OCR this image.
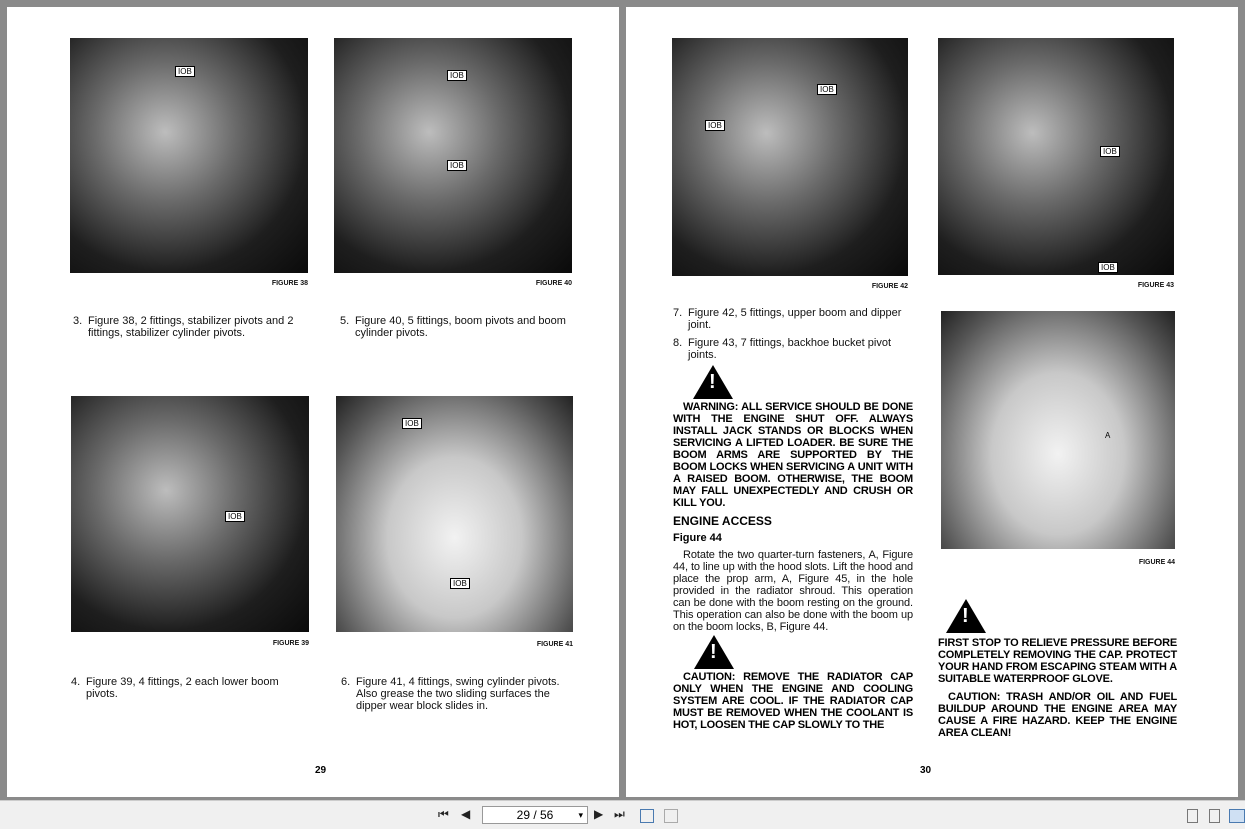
IOB
FIGURE 38
IOB
IOB
FIGURE 40
3. Figure 38, 2 fittings, stabilizer pivots and 2 fittings, stabilizer cylinder pivots.
5. Figure 40, 5 fittings, boom pivots and boom cylinder pivots.
IOB
FIGURE 39
IOB
IOB
FIGURE 41
4. Figure 39, 4 fittings, 2 each lower boom pivots.
6. Figure 41, 4 fittings, swing cylinder pivots. Also grease the two sliding surfaces the dipper wear block slides in.
29
IOB
IOB
FIGURE 42
IOB
IOB
FIGURE 43
7. Figure 42, 5 fittings, upper boom and dipper joint.
8. Figure 43, 7 fittings, backhoe bucket pivot joints.
!
WARNING: ALL SERVICE SHOULD BE DONE WITH THE ENGINE SHUT OFF. ALWAYS INSTALL JACK STANDS OR BLOCKS WHEN SERVICING A LIFTED LOADER. BE SURE THE BOOM ARMS ARE SUPPORTED BY THE BOOM LOCKS WHEN SERVICING A UNIT WITH A RAISED BOOM. OTHERWISE, THE BOOM MAY FALL UNEXPECTEDLY AND CRUSH OR KILL YOU.
ENGINE ACCESS
Figure 44
Rotate the two quarter-turn fasteners, A, Figure 44, to line up with the hood slots. Lift the hood and place the prop arm, A, Figure 45, in the hole provided in the radiator shroud. This operation can be done with the boom resting on the ground. This operation can also be done with the boom up on the boom locks, B, Figure 44.
!
CAUTION: REMOVE THE RADIATOR CAP ONLY WHEN THE ENGINE AND COOLING SYSTEM ARE COOL. IF THE RADIATOR CAP MUST BE REMOVED WHEN THE COOLANT IS HOT, LOOSEN THE CAP SLOWLY TO THE
A
FIGURE 44
!
FIRST STOP TO RELIEVE PRESSURE BEFORE COMPLETELY REMOVING THE CAP. PROTECT YOUR HAND FROM ESCAPING STEAM WITH A SUITABLE WATERPROOF GLOVE.
CAUTION: TRASH AND/OR OIL AND FUEL BUILDUP AROUND THE ENGINE AREA MAY CAUSE A FIRE HAZARD. KEEP THE ENGINE AREA CLEAN!
30
⏮ ◀	29 / 56	▾ ▶ ⏭
